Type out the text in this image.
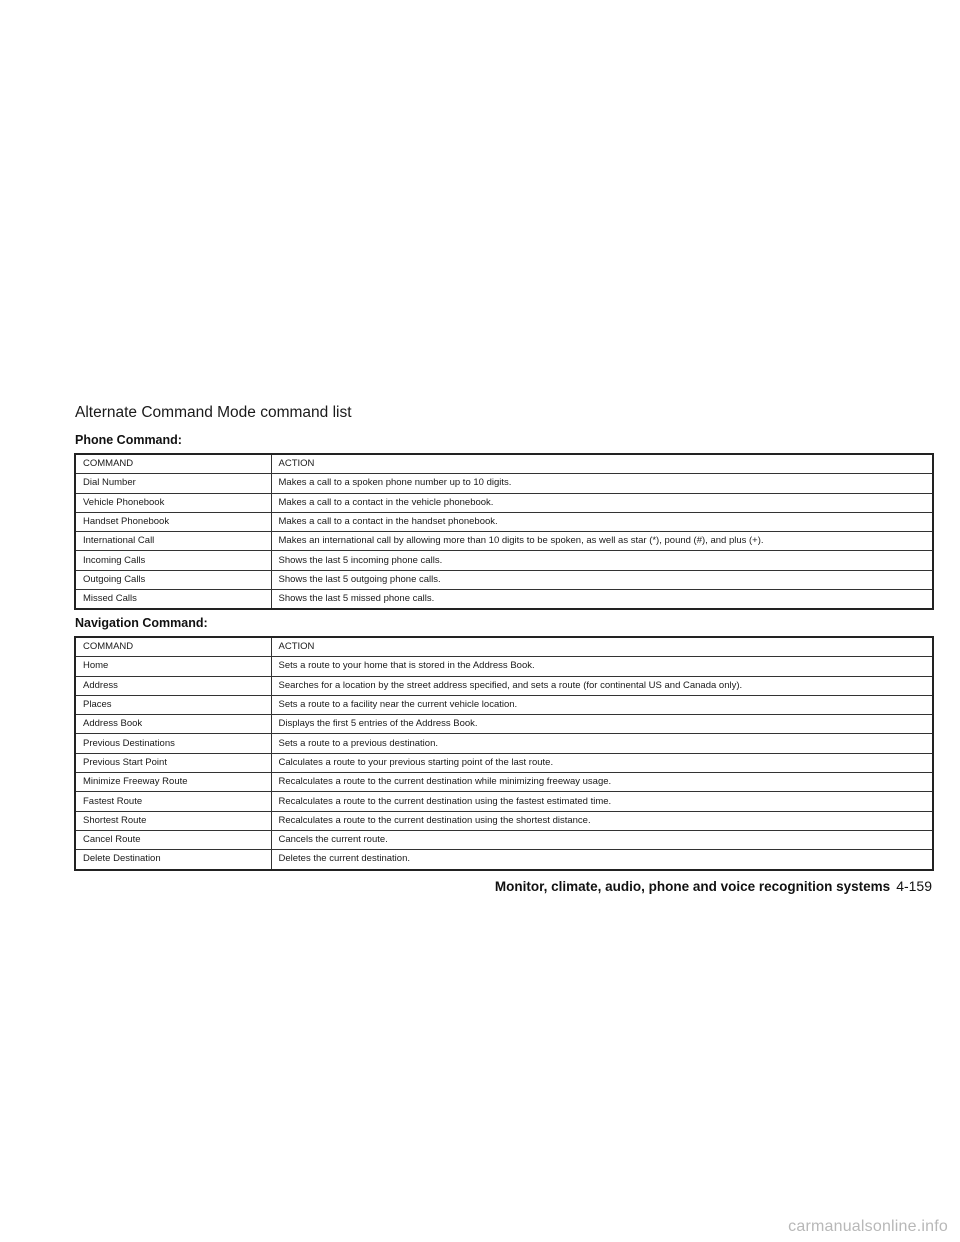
Alternate Command Mode command list
Phone Command:
COMMAND	ACTION
Dial Number	Makes a call to a spoken phone number up to 10 digits.
Vehicle Phonebook	Makes a call to a contact in the vehicle phonebook.
Handset Phonebook	Makes a call to a contact in the handset phonebook.
International Call	Makes an international call by allowing more than 10 digits to be spoken, as well as star (*), pound (#), and plus (+).
Incoming Calls	Shows the last 5 incoming phone calls.
Outgoing Calls	Shows the last 5 outgoing phone calls.
Missed Calls	Shows the last 5 missed phone calls.
Navigation Command:
COMMAND	ACTION
Home	Sets a route to your home that is stored in the Address Book.
Address	Searches for a location by the street address specified, and sets a route (for continental US and Canada only).
Places	Sets a route to a facility near the current vehicle location.
Address Book	Displays the first 5 entries of the Address Book.
Previous Destinations	Sets a route to a previous destination.
Previous Start Point	Calculates a route to your previous starting point of the last route.
Minimize Freeway Route	Recalculates a route to the current destination while minimizing freeway usage.
Fastest Route	Recalculates a route to the current destination using the fastest estimated time.
Shortest Route	Recalculates a route to the current destination using the shortest distance.
Cancel Route	Cancels the current route.
Delete Destination	Deletes the current destination.
Monitor, climate, audio, phone and voice recognition systems 4-159
carmanualsonline.info
